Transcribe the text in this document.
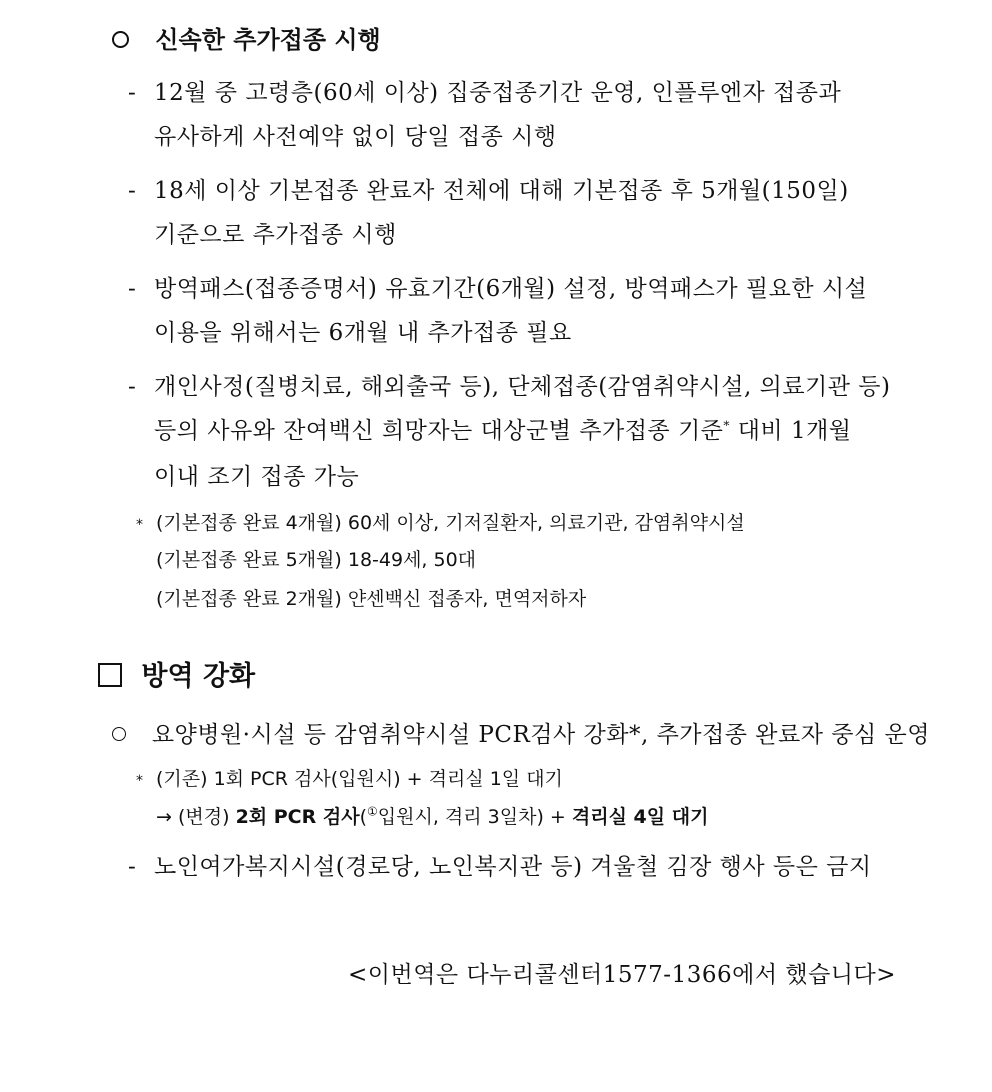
신속한 추가접종 시행
- 12월 중 고령층(60세 이상) 집중접종기간 운영, 인플루엔자 접종과
유사하게 사전예약 없이 당일 접종 시행
- 18세 이상 기본접종 완료자 전체에 대해 기본접종 후 5개월(150일)
기준으로 추가접종 시행
- 방역패스(접종증명서) 유효기간(6개월) 설정, 방역패스가 필요한 시설
이용을 위해서는 6개월 내 추가접종 필요
- 개인사정(질병치료, 해외출국 등), 단체접종(감염취약시설, 의료기관 등)
등의 사유와 잔여백신 희망자는 대상군별 추가접종 기준* 대비 1개월
이내 조기 접종 가능
* (기본접종 완료 4개월) 60세 이상, 기저질환자, 의료기관, 감염취약시설
(기본접종 완료 5개월) 18-49세, 50대
(기본접종 완료 2개월) 얀센백신 접종자, 면역저하자
방역 강화
요양병원·시설 등 감염취약시설 PCR검사 강화*, 추가접종 완료자 중심 운영
* (기존) 1회 PCR 검사(입원시) + 격리실 1일 대기
→ (변경) 2회 PCR 검사(①입원시, 격리 3일차) + 격리실 4일 대기
- 노인여가복지시설(경로당, 노인복지관 등) 겨울철 김장 행사 등은 금지
<이번역은 다누리콜센터1577-1366에서 했습니다>
